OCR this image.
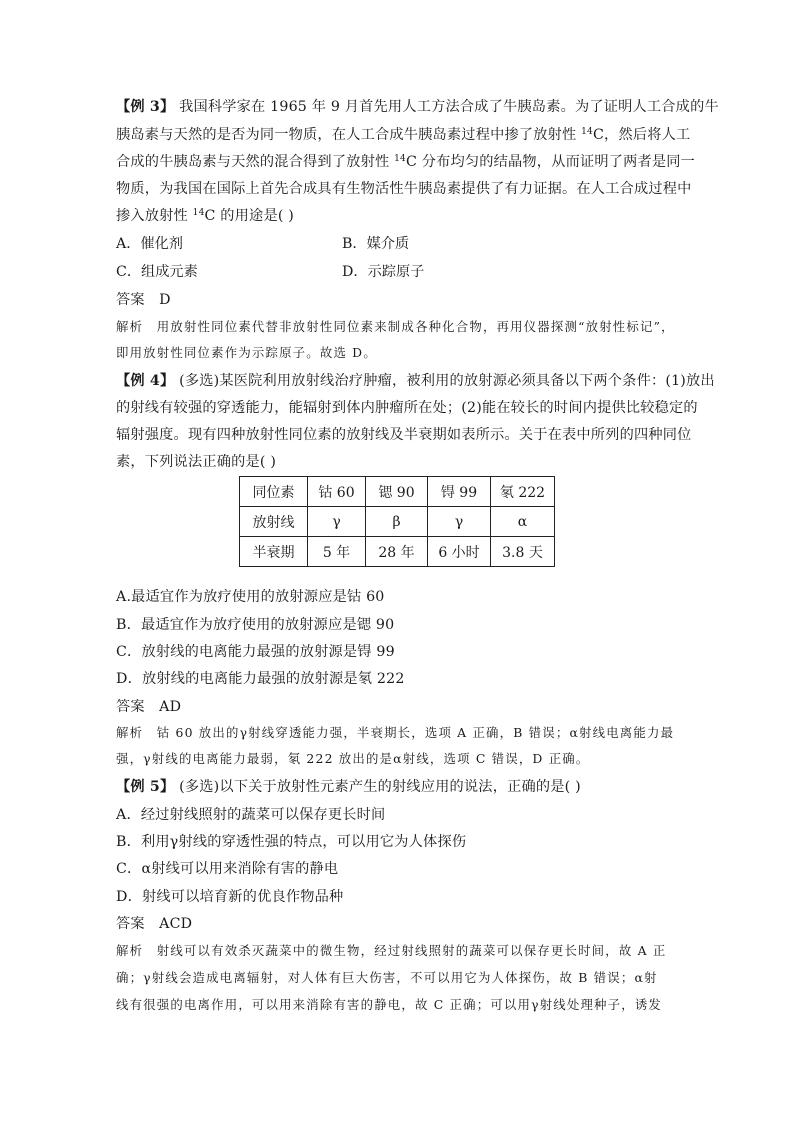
【例 3】 我国科学家在 1965 年 9 月首先用人工方法合成了牛胰岛素。为了证明人工合成的牛
胰岛素与天然的是否为同一物质，在人工合成牛胰岛素过程中掺了放射性 $^{14}$C，然后将人工
合成的牛胰岛素与天然的混合得到了放射性 $^{14}$C 分布均匀的结晶物，从而证明了两者是同一
物质，为我国在国际上首先合成具有生物活性牛胰岛素提供了有力证据。在人工合成过程中
掺入放射性 $^{14}$C 的用途是( )
A．催化剂	B．媒介质
C．组成元素	D．示踪原子
答案　D
解析　用放射性同位素代替非放射性同位素来制成各种化合物，再用仪器探测“放射性标记”，
即用放射性同位素作为示踪原子。故选 D。
【例 4】 (多选)某医院利用放射线治疗肿瘤，被利用的放射源必须具备以下两个条件：(1)放出
的射线有较强的穿透能力，能辐射到体内肿瘤所在处；(2)能在较长的时间内提供比较稳定的
辐射强度。现有四种放射性同位素的放射线及半衰期如表所示。关于在表中所列的四种同位
素，下列说法正确的是( )
同位素	钴 60	锶 90	锝 99	氡 222
放射线	γ	β	γ	α
半衰期	5 年	28 年	6 小时	3.8 天
A.最适宜作为放疗使用的放射源应是钴 60
B．最适宜作为放疗使用的放射源应是锶 90
C．放射线的电离能力最强的放射源是锝 99
D．放射线的电离能力最强的放射源是氡 222
答案　AD
解析　钴 60 放出的γ射线穿透能力强，半衰期长，选项 A 正确，B 错误；α射线电离能力最
强，γ射线的电离能力最弱，氡 222 放出的是α射线，选项 C 错误，D 正确。
【例 5】 (多选)以下关于放射性元素产生的射线应用的说法，正确的是( )
A．经过射线照射的蔬菜可以保存更长时间
B．利用γ射线的穿透性强的特点，可以用它为人体探伤
C．α射线可以用来消除有害的静电
D．射线可以培育新的优良作物品种
答案　ACD
解析　射线可以有效杀灭蔬菜中的微生物，经过射线照射的蔬菜可以保存更长时间，故 A 正
确；γ射线会造成电离辐射，对人体有巨大伤害，不可以用它为人体探伤，故 B 错误；α射
线有很强的电离作用，可以用来消除有害的静电，故 C 正确；可以用γ射线处理种子，诱发
